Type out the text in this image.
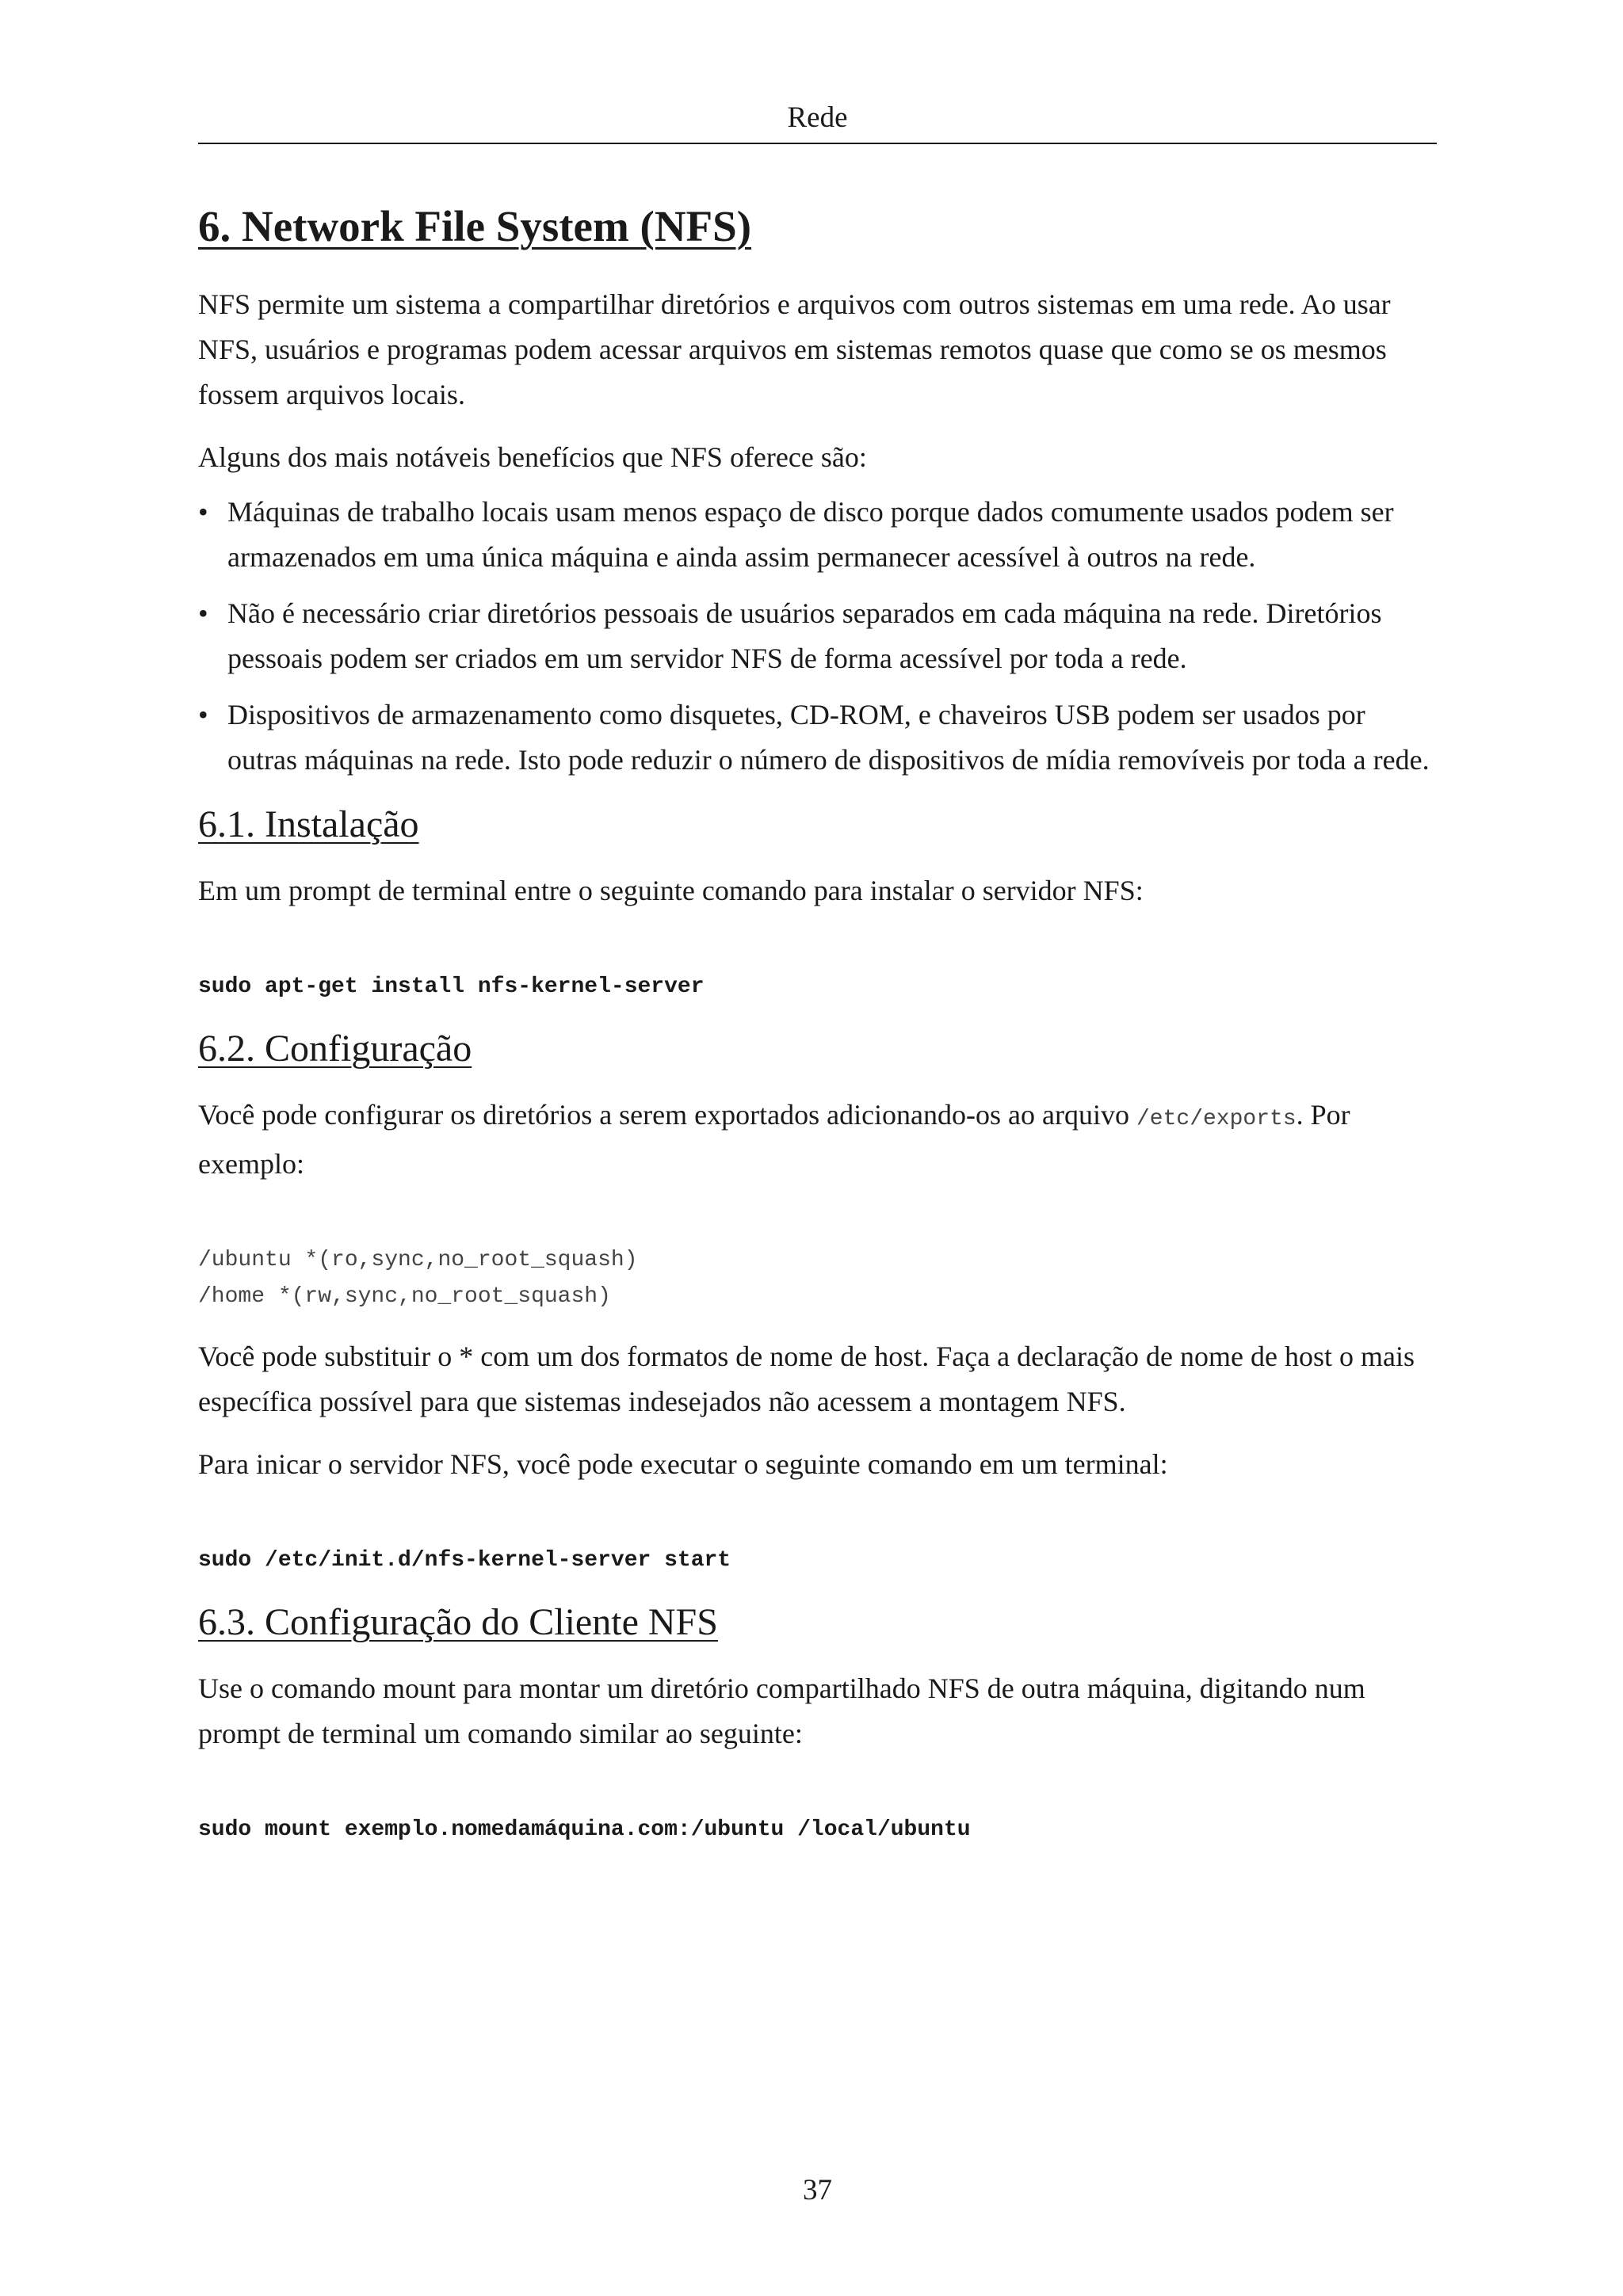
Rede
6. Network File System (NFS)

NFS permite um sistema a compartilhar diretórios e arquivos com outros sistemas em uma rede. Ao usar NFS, usuários e programas podem acessar arquivos em sistemas remotos quase que como se os mesmos fossem arquivos locais.

Alguns dos mais notáveis benefícios que NFS oferece são:

• Máquinas de trabalho locais usam menos espaço de disco porque dados comumente usados podem ser armazenados em uma única máquina e ainda assim permanecer acessível à outros na rede.
• Não é necessário criar diretórios pessoais de usuários separados em cada máquina na rede. Diretórios pessoais podem ser criados em um servidor NFS de forma acessível por toda a rede.
• Dispositivos de armazenamento como disquetes, CD-ROM, e chaveiros USB podem ser usados por outras máquinas na rede. Isto pode reduzir o número de dispositivos de mídia removíveis por toda a rede.
6.1. Instalação

Em um prompt de terminal entre o seguinte comando para instalar o servidor NFS:

sudo apt-get install nfs-kernel-server
6.2. Configuração

Você pode configurar os diretórios a serem exportados adicionando-os ao arquivo /etc/exports. Por exemplo:

/ubuntu *(ro,sync,no_root_squash)
/home *(rw,sync,no_root_squash)

Você pode substituir o * com um dos formatos de nome de host. Faça a declaração de nome de host o mais específica possível para que sistemas indesejados não acessem a montagem NFS.

Para inicar o servidor NFS, você pode executar o seguinte comando em um terminal:

sudo /etc/init.d/nfs-kernel-server start
6.3. Configuração do Cliente NFS

Use o comando mount para montar um diretório compartilhado NFS de outra máquina, digitando num prompt de terminal um comando similar ao seguinte:

sudo mount exemplo.nomedamáquina.com:/ubuntu /local/ubuntu
37
